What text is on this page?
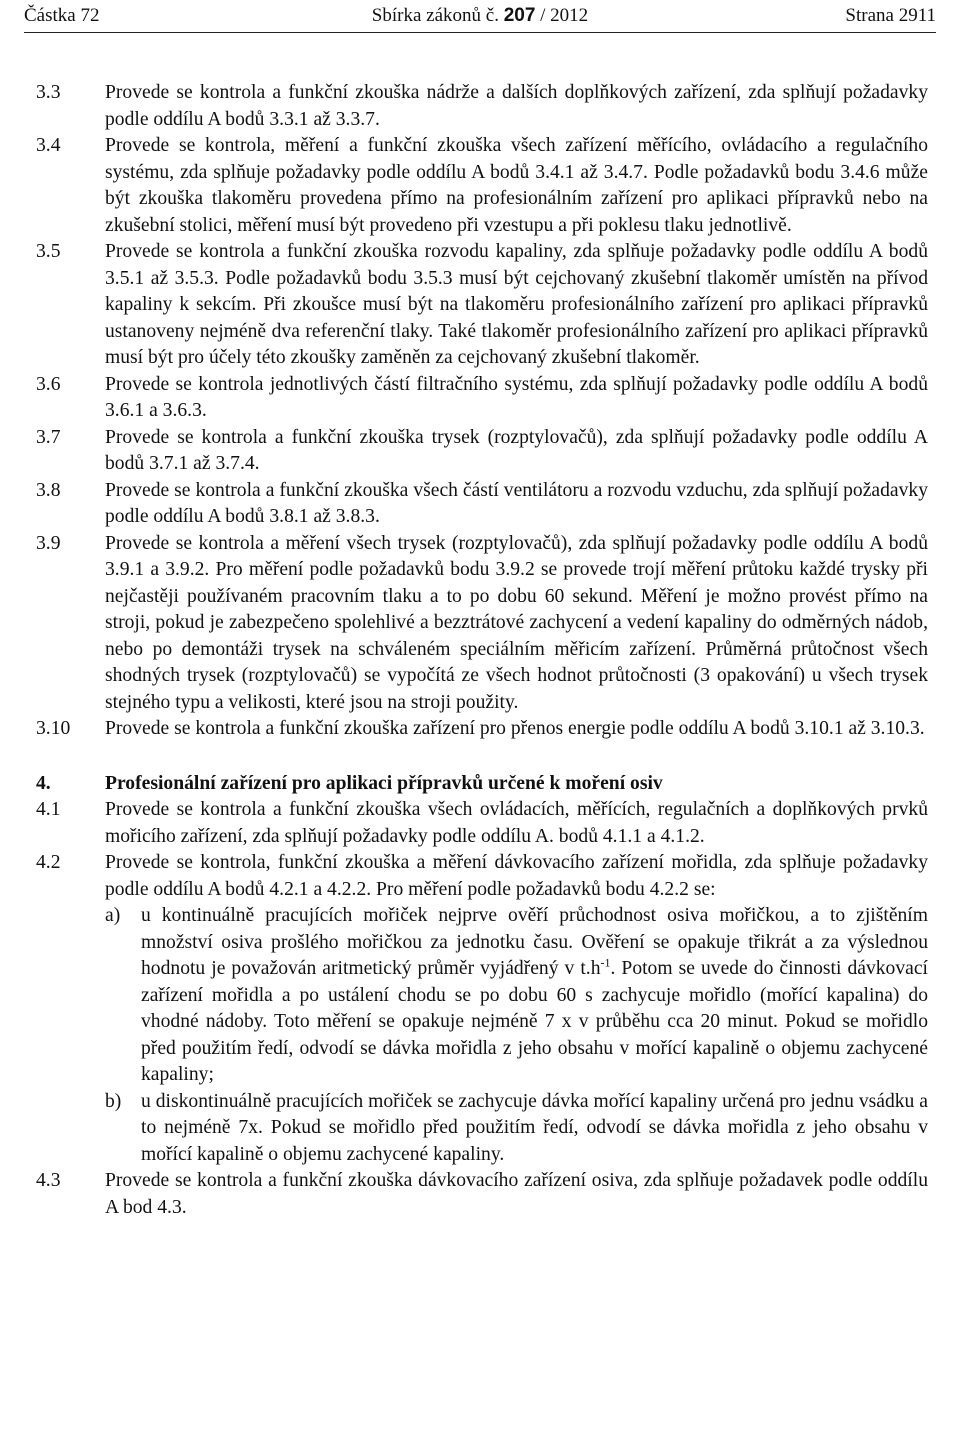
Částka 72	Sbírka zákonů č. 207 / 2012	Strana 2911
3.3	Provede se kontrola a funkční zkouška nádrže a dalších doplňkových zařízení, zda splňují požadavky podle oddílu A bodů 3.3.1 až 3.3.7.
3.4	Provede se kontrola, měření a funkční zkouška všech zařízení měřícího, ovládacího a regulačního systému, zda splňuje požadavky podle oddílu A bodů 3.4.1 až 3.4.7. Podle požadavků bodu 3.4.6 může být zkouška tlakoměru provedena přímo na profesionálním zařízení pro aplikaci přípravků nebo na zkušební stolici, měření musí být provedeno při vzestupu a při poklesu tlaku jednotlivě.
3.5	Provede se kontrola a funkční zkouška rozvodu kapaliny, zda splňuje požadavky podle oddílu A bodů 3.5.1 až 3.5.3. Podle požadavků bodu 3.5.3 musí být cejchovaný zkušební tlakoměr umístěn na přívod kapaliny k sekcím. Při zkoušce musí být na tlakoměru profesionálního zařízení pro aplikaci přípravků ustanoveny nejméně dva referenční tlaky. Také tlakoměr profesionálního zařízení pro aplikaci přípravků musí být pro účely této zkoušky zaměněn za cejchovaný zkušební tlakoměr.
3.6	Provede se kontrola jednotlivých částí filtračního systému, zda splňují požadavky podle oddílu A bodů 3.6.1 a 3.6.3.
3.7	Provede se kontrola a funkční zkouška trysek (rozptylovačů), zda splňují požadavky podle oddílu A bodů 3.7.1 až 3.7.4.
3.8	Provede se kontrola a funkční zkouška všech částí ventilátoru a rozvodu vzduchu, zda splňují požadavky podle oddílu A bodů 3.8.1 až 3.8.3.
3.9	Provede se kontrola a měření všech trysek (rozptylovačů), zda splňují požadavky podle oddílu A bodů 3.9.1 a 3.9.2. Pro měření podle požadavků bodu 3.9.2 se provede trojí měření průtoku každé trysky při nejčastěji používaném pracovním tlaku a to po dobu 60 sekund. Měření je možno provést přímo na stroji, pokud je zabezpečeno spolehlivé a bezztrátové zachycení a vedení kapaliny do odměrných nádob, nebo po demontáži trysek na schváleném speciálním měřicím zařízení. Průměrná průtočnost všech shodných trysek (rozptylovačů) se vypočítá ze všech hodnot průtočnosti (3 opakování) u všech trysek stejného typu a velikosti, které jsou na stroji použity.
3.10	Provede se kontrola a funkční zkouška zařízení pro přenos energie podle oddílu A bodů 3.10.1 až 3.10.3.
4.	Profesionální zařízení pro aplikaci přípravků určené k moření osiv
4.1	Provede se kontrola a funkční zkouška všech ovládacích, měřících, regulačních a doplňkových prvků mořicího zařízení, zda splňují požadavky podle oddílu A. bodů 4.1.1 a 4.1.2.
4.2	Provede se kontrola, funkční zkouška a měření dávkovacího zařízení mořidla, zda splňuje požadavky podle oddílu A bodů 4.2.1 a 4.2.2. Pro měření podle požadavků bodu 4.2.2 se:
a)	u kontinuálně pracujících mořiček nejprve ověří průchodnost osiva mořičkou, a to zjištěním množství osiva prošlého mořičkou za jednotku času. Ověření se opakuje třikrát a za výslednou hodnotu je považován aritmetický průměr vyjádřený v $t.h^{-1}$. Potom se uvede do činnosti dávkovací zařízení mořidla a po ustálení chodu se po dobu 60 s zachycuje mořidlo (mořící kapalina) do vhodné nádoby. Toto měření se opakuje nejméně 7 x v průběhu cca 20 minut. Pokud se mořidlo před použitím ředí, odvodí se dávka mořidla z jeho obsahu v mořící kapalině o objemu zachycené kapaliny;
b)	u diskontinuálně pracujících mořiček se zachycuje dávka mořící kapaliny určená pro jednu vsádku a to nejméně 7x. Pokud se mořidlo před použitím ředí, odvodí se dávka mořidla z jeho obsahu v mořící kapalině o objemu zachycené kapaliny.
4.3	Provede se kontrola a funkční zkouška dávkovacího zařízení osiva, zda splňuje požadavek podle oddílu A bod 4.3.
